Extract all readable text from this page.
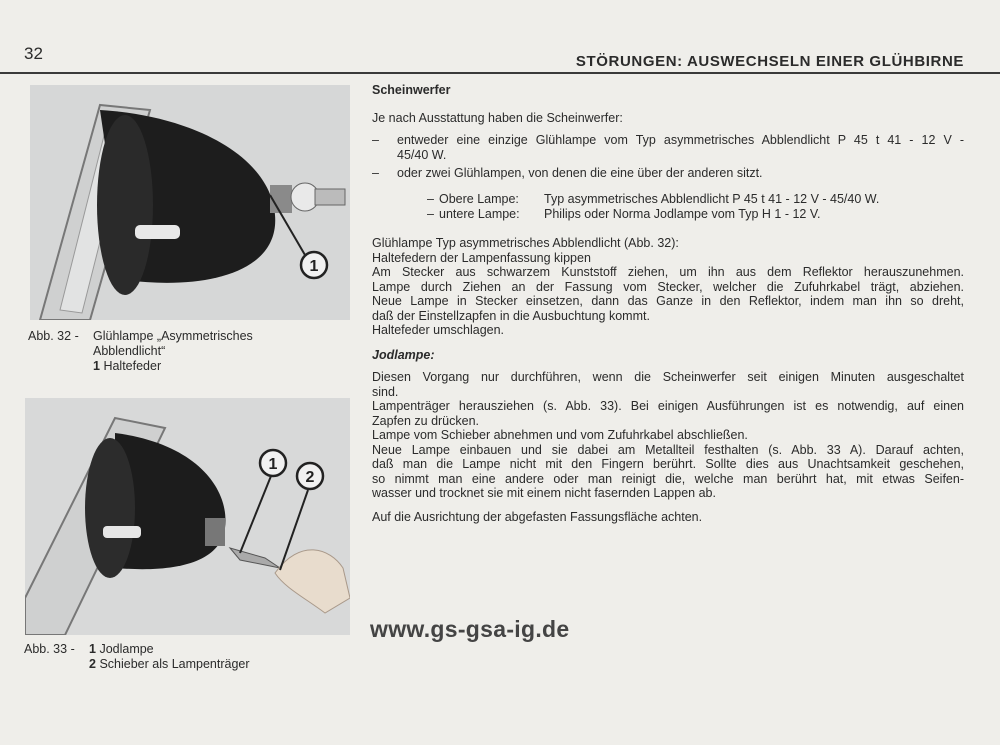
32	STÖRUNGEN: AUSWECHSELN EINER GLÜHBIRNE
1
Abb. 32 - Glühlampe „Asymmetrisches
Abblendlicht“
1 Haltefeder
1
2
Abb. 33 - 1 Jodlampe
2 Schieber als Lampenträger
Scheinwerfer
Je nach Ausstattung haben die Scheinwerfer:
– entweder eine einzige Glühlampe vom Typ asymmetrisches Abblendlicht P 45 t 41 - 12 V -
45/40 W.
–	oder zwei Glühlampen, von denen die eine über der anderen sitzt.
– Obere Lampe: Typ asymmetrisches Abblendlicht P 45 t 41 - 12 V - 45/40 W.
– untere Lampe: Philips oder Norma Jodlampe vom Typ H 1 - 12 V.
Glühlampe Typ asymmetrisches Abblendlicht (Abb. 32):
Haltefedern der Lampenfassung kippen
Am Stecker aus schwarzem Kunststoff ziehen, um ihn aus dem Reflektor herauszunehmen.
Lampe durch Ziehen an der Fassung vom Stecker, welcher die Zufuhrkabel trägt, abziehen.
Neue Lampe in Stecker einsetzen, dann das Ganze in den Reflektor, indem man ihn so dreht,
daß der Einstellzapfen in die Ausbuchtung kommt.
Haltefeder umschlagen.
Jodlampe:
Diesen Vorgang nur durchführen, wenn die Scheinwerfer seit einigen Minuten ausgeschaltet
sind.
Lampenträger herausziehen (s. Abb. 33). Bei einigen Ausführungen ist es notwendig, auf einen
Zapfen zu drücken.
Lampe vom Schieber abnehmen und vom Zufuhrkabel abschließen.
Neue Lampe einbauen und sie dabei am Metallteil festhalten (s. Abb. 33 A). Darauf achten,
daß man die Lampe nicht mit den Fingern berührt. Sollte dies aus Unachtsamkeit geschehen,
so nimmt man eine andere oder man reinigt die, welche man berührt hat, mit etwas Seifen-
wasser und trocknet sie mit einem nicht fasernden Lappen ab.
Auf die Ausrichtung der abgefasten Fassungsfläche achten.
www.gs-gsa-ig.de
